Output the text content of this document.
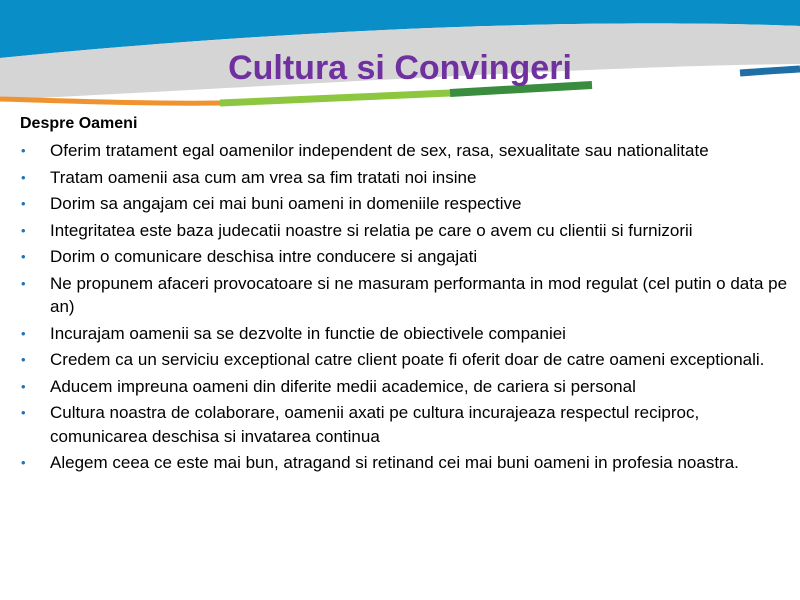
Cultura si Convingeri
Despre Oameni
• Oferim tratament egal oamenilor independent de sex, rasa, sexualitate sau nationalitate
• Tratam oamenii asa cum am vrea sa fim tratati noi insine
• Dorim sa angajam cei mai buni oameni in domeniile respective
• Integritatea este baza judecatii noastre si relatia pe care o avem cu clientii si furnizorii
• Dorim o comunicare deschisa intre conducere si angajati
• Ne propunem afaceri provocatoare si ne masuram performanta in mod regulat (cel putin o data pe an)
• Incurajam oamenii sa se dezvolte in functie de obiectivele companiei
• Credem ca un serviciu exceptional catre client poate fi oferit doar de catre oameni exceptionali.
• Aducem impreuna oameni din diferite medii academice, de cariera si personal
• Cultura noastra de colaborare, oamenii axati pe cultura incurajeaza respectul reciproc, comunicarea deschisa si invatarea continua
• Alegem ceea ce este mai bun, atragand si retinand cei mai buni oameni in profesia noastra.
